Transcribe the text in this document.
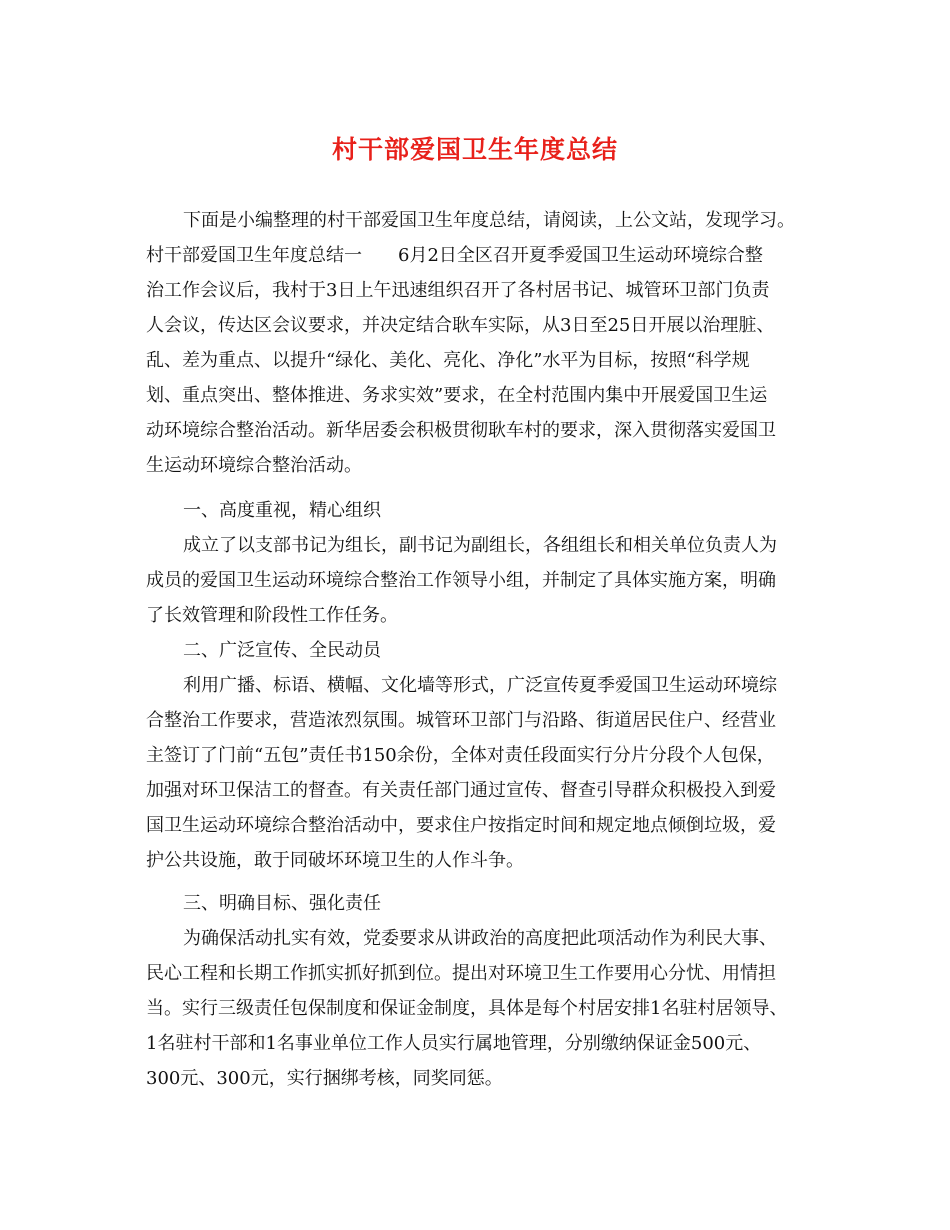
村干部爱国卫生年度总结
下面是小编整理的村干部爱国卫生年度总结，请阅读，上公文站，发现学习。
村干部爱国卫生年度总结一　　6月2日全区召开夏季爱国卫生运动环境综合整
治工作会议后，我村于3日上午迅速组织召开了各村居书记、城管环卫部门负责
人会议，传达区会议要求，并决定结合耿车实际，从3日至25日开展以治理脏、
乱、差为重点、以提升“绿化、美化、亮化、净化”水平为目标，按照“科学规
划、重点突出、整体推进、务求实效”要求，在全村范围内集中开展爱国卫生运
动环境综合整治活动。新华居委会积极贯彻耿车村的要求，深入贯彻落实爱国卫
生运动环境综合整治活动。
一、高度重视，精心组织
成立了以支部书记为组长，副书记为副组长，各组组长和相关单位负责人为
成员的爱国卫生运动环境综合整治工作领导小组，并制定了具体实施方案，明确
了长效管理和阶段性工作任务。
二、广泛宣传、全民动员
利用广播、标语、横幅、文化墙等形式，广泛宣传夏季爱国卫生运动环境综
合整治工作要求，营造浓烈氛围。城管环卫部门与沿路、街道居民住户、经营业
主签订了门前“五包”责任书150余份，全体对责任段面实行分片分段个人包保，
加强对环卫保洁工的督查。有关责任部门通过宣传、督查引导群众积极投入到爱
国卫生运动环境综合整治活动中，要求住户按指定时间和规定地点倾倒垃圾，爱
护公共设施，敢于同破坏环境卫生的人作斗争。
三、明确目标、强化责任
为确保活动扎实有效，党委要求从讲政治的高度把此项活动作为利民大事、
民心工程和长期工作抓实抓好抓到位。提出对环境卫生工作要用心分忧、用情担
当。实行三级责任包保制度和保证金制度，具体是每个村居安排1名驻村居领导、
1名驻村干部和1名事业单位工作人员实行属地管理，分别缴纳保证金500元、
300元、300元，实行捆绑考核，同奖同惩。
